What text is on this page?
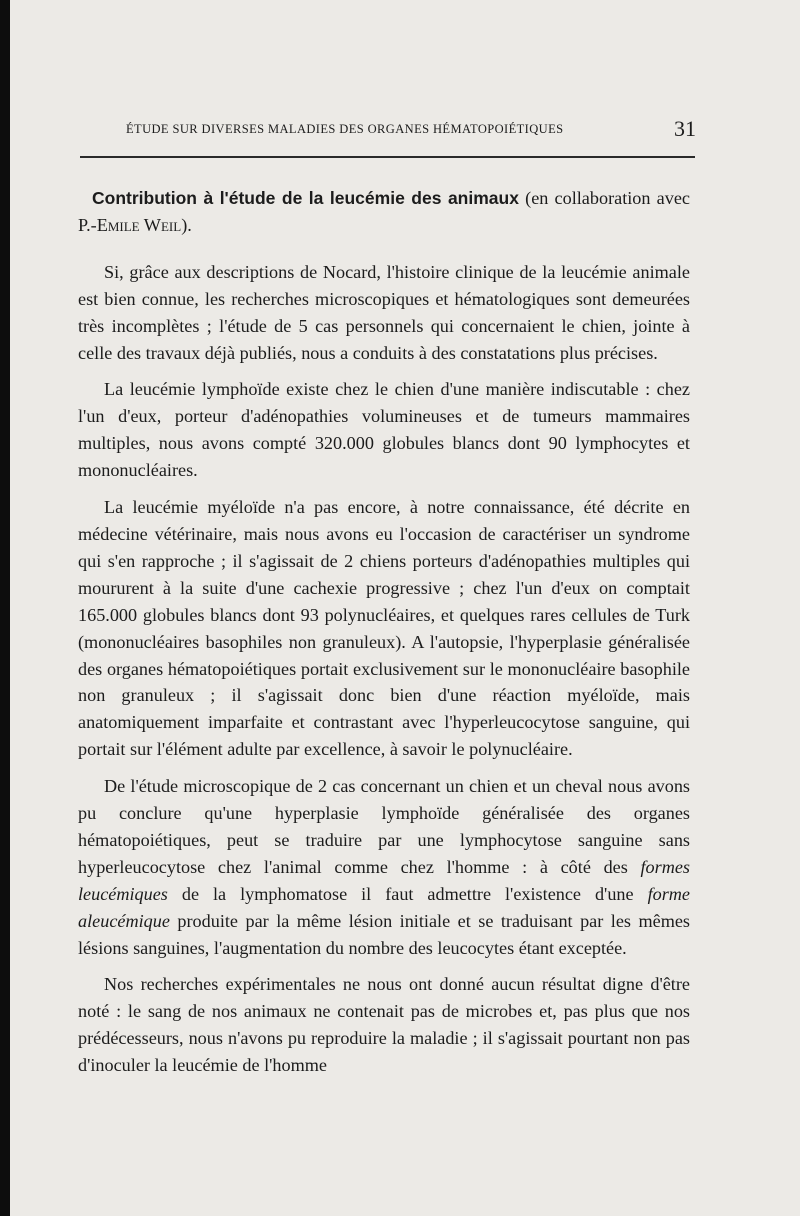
ÉTUDE SUR DIVERSES MALADIES DES ORGANES HÉMATOPOIÉTIQUES	31

Contribution à l'étude de la leucémie des animaux (en collaboration avec P.-Emile Weil).

Si, grâce aux descriptions de Nocard, l'histoire clinique de la leucémie animale est bien connue, les recherches microscopiques et hématologiques sont demeurées très incomplètes ; l'étude de 5 cas personnels qui concernaient le chien, jointe à celle des travaux déjà publiés, nous a conduits à des constatations plus précises.

La leucémie lymphoïde existe chez le chien d'une manière indiscutable : chez l'un d'eux, porteur d'adénopathies volumineuses et de tumeurs mammaires multiples, nous avons compté 320.000 globules blancs dont 90 lymphocytes et mononucléaires.

La leucémie myéloïde n'a pas encore, à notre connaissance, été décrite en médecine vétérinaire, mais nous avons eu l'occasion de caractériser un syndrome qui s'en rapproche ; il s'agissait de 2 chiens porteurs d'adénopathies multiples qui moururent à la suite d'une cachexie progressive ; chez l'un d'eux on comptait 165.000 globules blancs dont 93 polynucléaires, et quelques rares cellules de Turk (mononucléaires basophiles non granuleux). A l'autopsie, l'hyperplasie généralisée des organes hématopoiétiques portait exclusivement sur le mononucléaire basophile non granuleux ; il s'agissait donc bien d'une réaction myéloïde, mais anatomiquement imparfaite et contrastant avec l'hyperleucocytose sanguine, qui portait sur l'élément adulte par excellence, à savoir le polynucléaire.

De l'étude microscopique de 2 cas concernant un chien et un cheval nous avons pu conclure qu'une hyperplasie lymphoïde généralisée des organes hématopoiétiques, peut se traduire par une lymphocytose sanguine sans hyperleucocytose chez l'animal comme chez l'homme : à côté des formes leucémiques de la lymphomatose il faut admettre l'existence d'une forme aleucémique produite par la même lésion initiale et se traduisant par les mêmes lésions sanguines, l'augmentation du nombre des leucocytes étant exceptée.

Nos recherches expérimentales ne nous ont donné aucun résultat digne d'être noté : le sang de nos animaux ne contenait pas de microbes et, pas plus que nos prédécesseurs, nous n'avons pu reproduire la maladie ; il s'agissait pourtant non pas d'inoculer la leucémie de l'homme
